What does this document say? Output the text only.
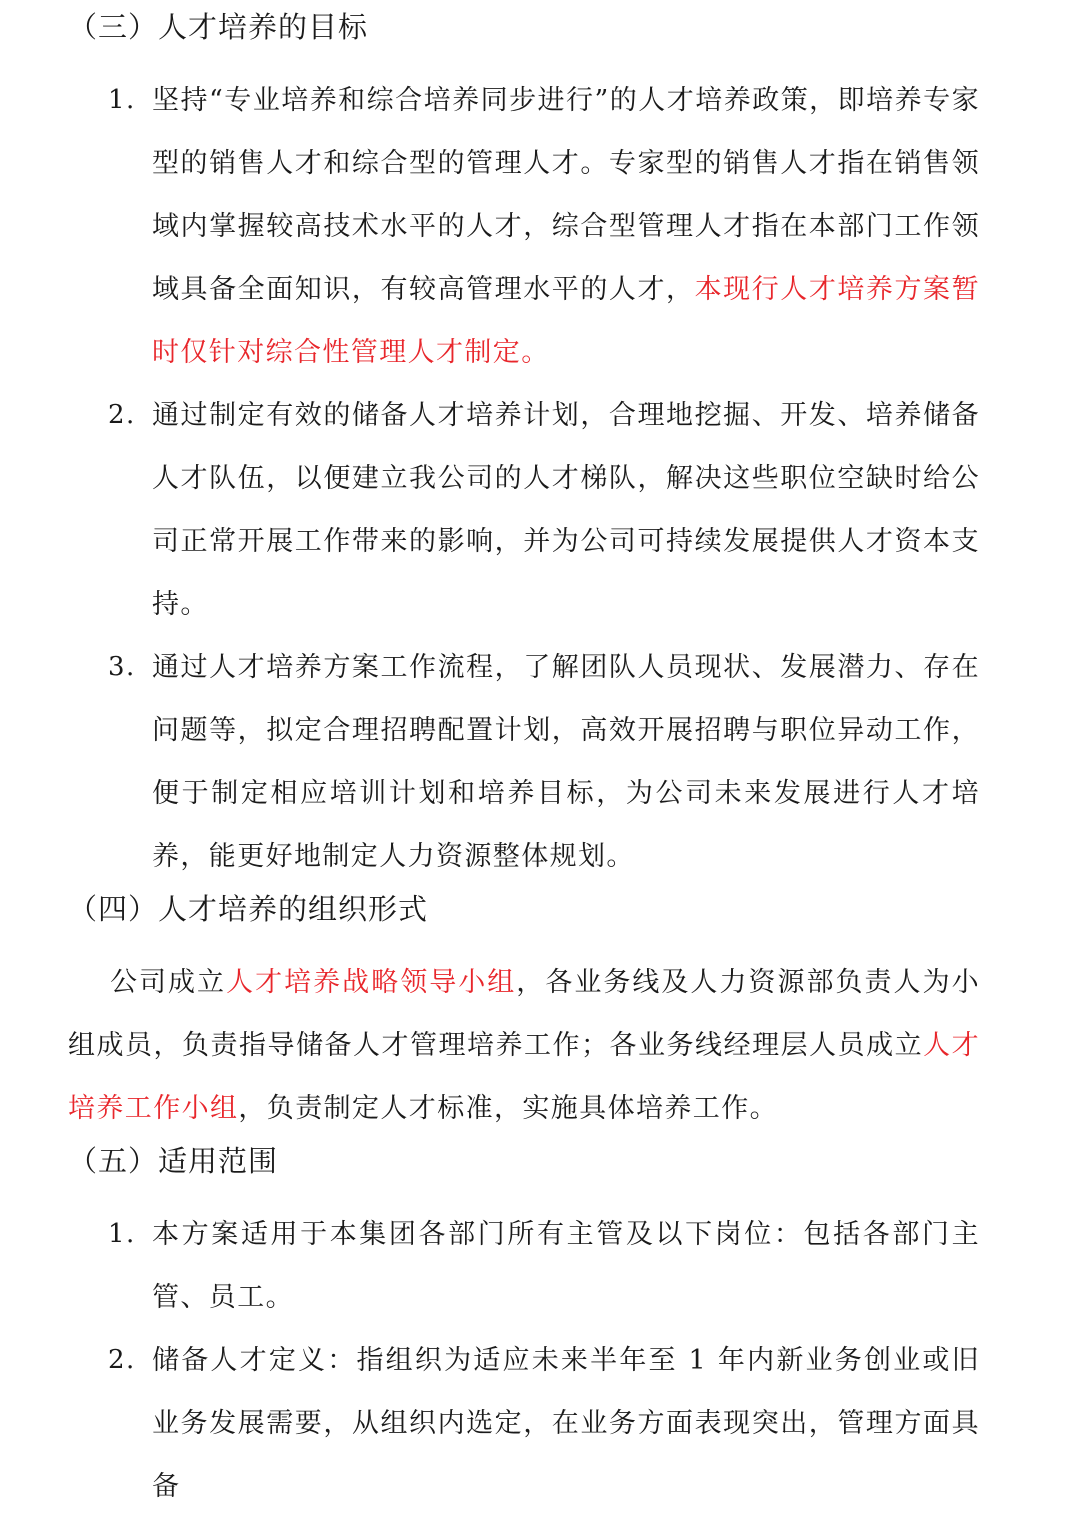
（三）人才培养的目标
1. 坚持“专业培养和综合培养同步进行”的人才培养政策，即培养专家型的销售人才和综合型的管理人才。专家型的销售人才指在销售领域内掌握较高技术水平的人才，综合型管理人才指在本部门工作领域具备全面知识，有较高管理水平的人才，本现行人才培养方案暂时仅针对综合性管理人才制定。
2. 通过制定有效的储备人才培养计划，合理地挖掘、开发、培养储备人才队伍，以便建立我公司的人才梯队，解决这些职位空缺时给公司正常开展工作带来的影响，并为公司可持续发展提供人才资本支持。
3. 通过人才培养方案工作流程，了解团队人员现状、发展潜力、存在问题等，拟定合理招聘配置计划，高效开展招聘与职位异动工作，便于制定相应培训计划和培养目标，为公司未来发展进行人才培养，能更好地制定人力资源整体规划。
（四）人才培养的组织形式
公司成立人才培养战略领导小组，各业务线及人力资源部负责人为小组成员，负责指导储备人才管理培养工作；各业务线经理层人员成立人才培养工作小组，负责制定人才标准，实施具体培养工作。
（五）适用范围
1. 本方案适用于本集团各部门所有主管及以下岗位：包括各部门主管、员工。
2. 储备人才定义：指组织为适应未来半年至 1 年内新业务创业或旧业务发展需要，从组织内选定，在业务方面表现突出，管理方面具备
